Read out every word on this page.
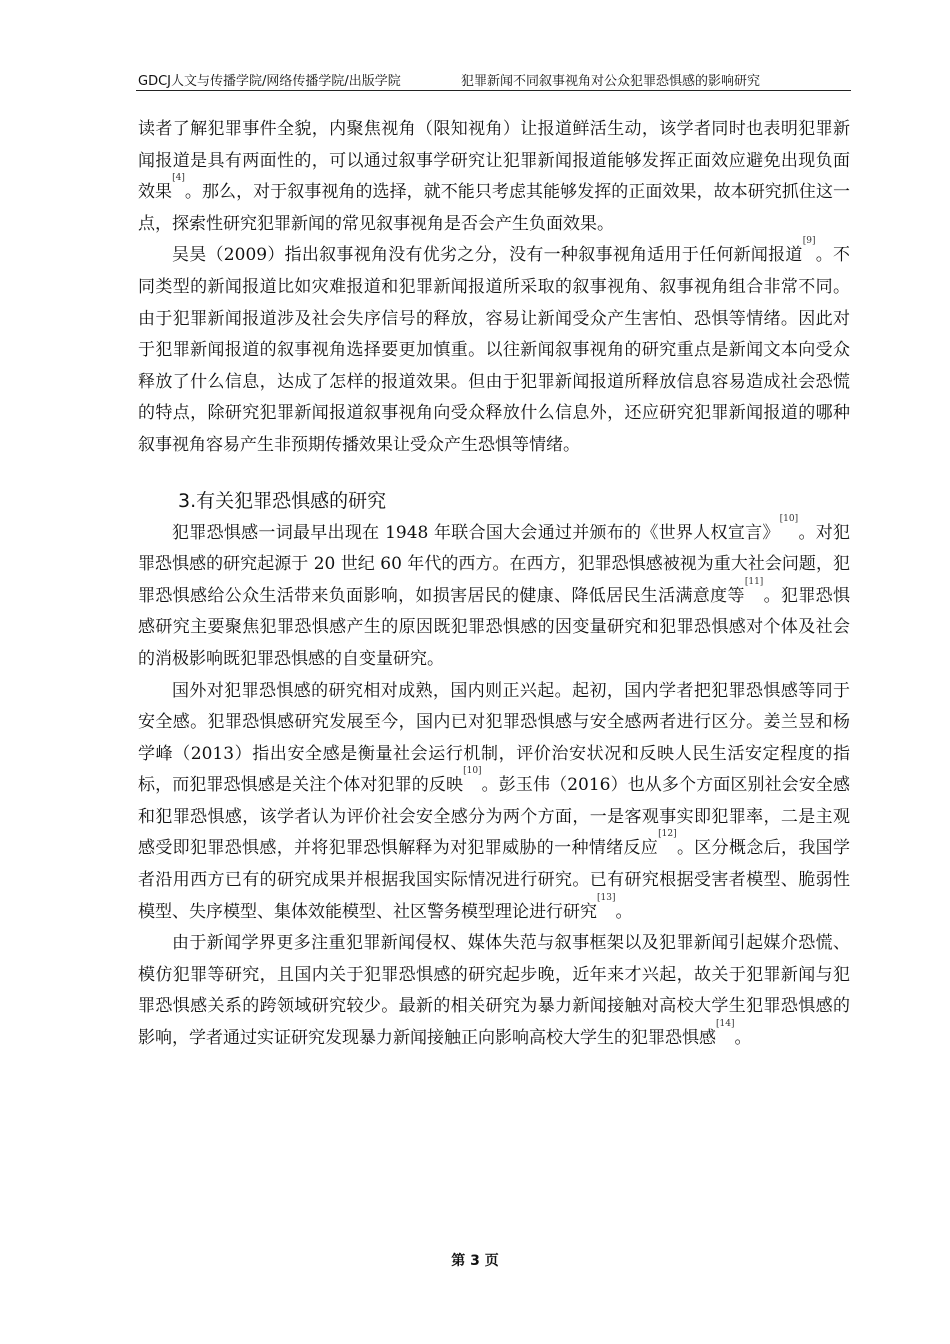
GDCJ人文与传播学院/网络传播学院/出版学院	犯罪新闻不同叙事视角对公众犯罪恐惧感的影响研究

读者了解犯罪事件全貌，内聚焦视角（限知视角）让报道鲜活生动，该学者同时也表明犯罪新闻报道是具有两面性的，可以通过叙事学研究让犯罪新闻报道能够发挥正面效应避免出现负面效果[4]。那么，对于叙事视角的选择，就不能只考虑其能够发挥的正面效果，故本研究抓住这一点，探索性研究犯罪新闻的常见叙事视角是否会产生负面效果。

吴昊（2009）指出叙事视角没有优劣之分，没有一种叙事视角适用于任何新闻报道[9]。不同类型的新闻报道比如灾难报道和犯罪新闻报道所采取的叙事视角、叙事视角组合非常不同。由于犯罪新闻报道涉及社会失序信号的释放，容易让新闻受众产生害怕、恐惧等情绪。因此对于犯罪新闻报道的叙事视角选择要更加慎重。以往新闻叙事视角的研究重点是新闻文本向受众释放了什么信息，达成了怎样的报道效果。但由于犯罪新闻报道所释放信息容易造成社会恐慌的特点，除研究犯罪新闻报道叙事视角向受众释放什么信息外，还应研究犯罪新闻报道的哪种叙事视角容易产生非预期传播效果让受众产生恐惧等情绪。

3.有关犯罪恐惧感的研究

犯罪恐惧感一词最早出现在 1948 年联合国大会通过并颁布的《世界人权宣言》[10]。对犯罪恐惧感的研究起源于 20 世纪 60 年代的西方。在西方，犯罪恐惧感被视为重大社会问题，犯罪恐惧感给公众生活带来负面影响，如损害居民的健康、降低居民生活满意度等[11]。犯罪恐惧感研究主要聚焦犯罪恐惧感产生的原因既犯罪恐惧感的因变量研究和犯罪恐惧感对个体及社会的消极影响既犯罪恐惧感的自变量研究。

国外对犯罪恐惧感的研究相对成熟，国内则正兴起。起初，国内学者把犯罪恐惧感等同于安全感。犯罪恐惧感研究发展至今，国内已对犯罪恐惧感与安全感两者进行区分。姜兰昱和杨学峰（2013）指出安全感是衡量社会运行机制，评价治安状况和反映人民生活安定程度的指标，而犯罪恐惧感是关注个体对犯罪的反映[10]。彭玉伟（2016）也从多个方面区别社会安全感和犯罪恐惧感，该学者认为评价社会安全感分为两个方面，一是客观事实即犯罪率，二是主观感受即犯罪恐惧感，并将犯罪恐惧解释为对犯罪威胁的一种情绪反应[12]。区分概念后，我国学者沿用西方已有的研究成果并根据我国实际情况进行研究。已有研究根据受害者模型、脆弱性模型、失序模型、集体效能模型、社区警务模型理论进行研究[13]。

由于新闻学界更多注重犯罪新闻侵权、媒体失范与叙事框架以及犯罪新闻引起媒介恐慌、模仿犯罪等研究，且国内关于犯罪恐惧感的研究起步晚，近年来才兴起，故关于犯罪新闻与犯罪恐惧感关系的跨领域研究较少。最新的相关研究为暴力新闻接触对高校大学生犯罪恐惧感的影响，学者通过实证研究发现暴力新闻接触正向影响高校大学生的犯罪恐惧感[14]。

第 3 页
